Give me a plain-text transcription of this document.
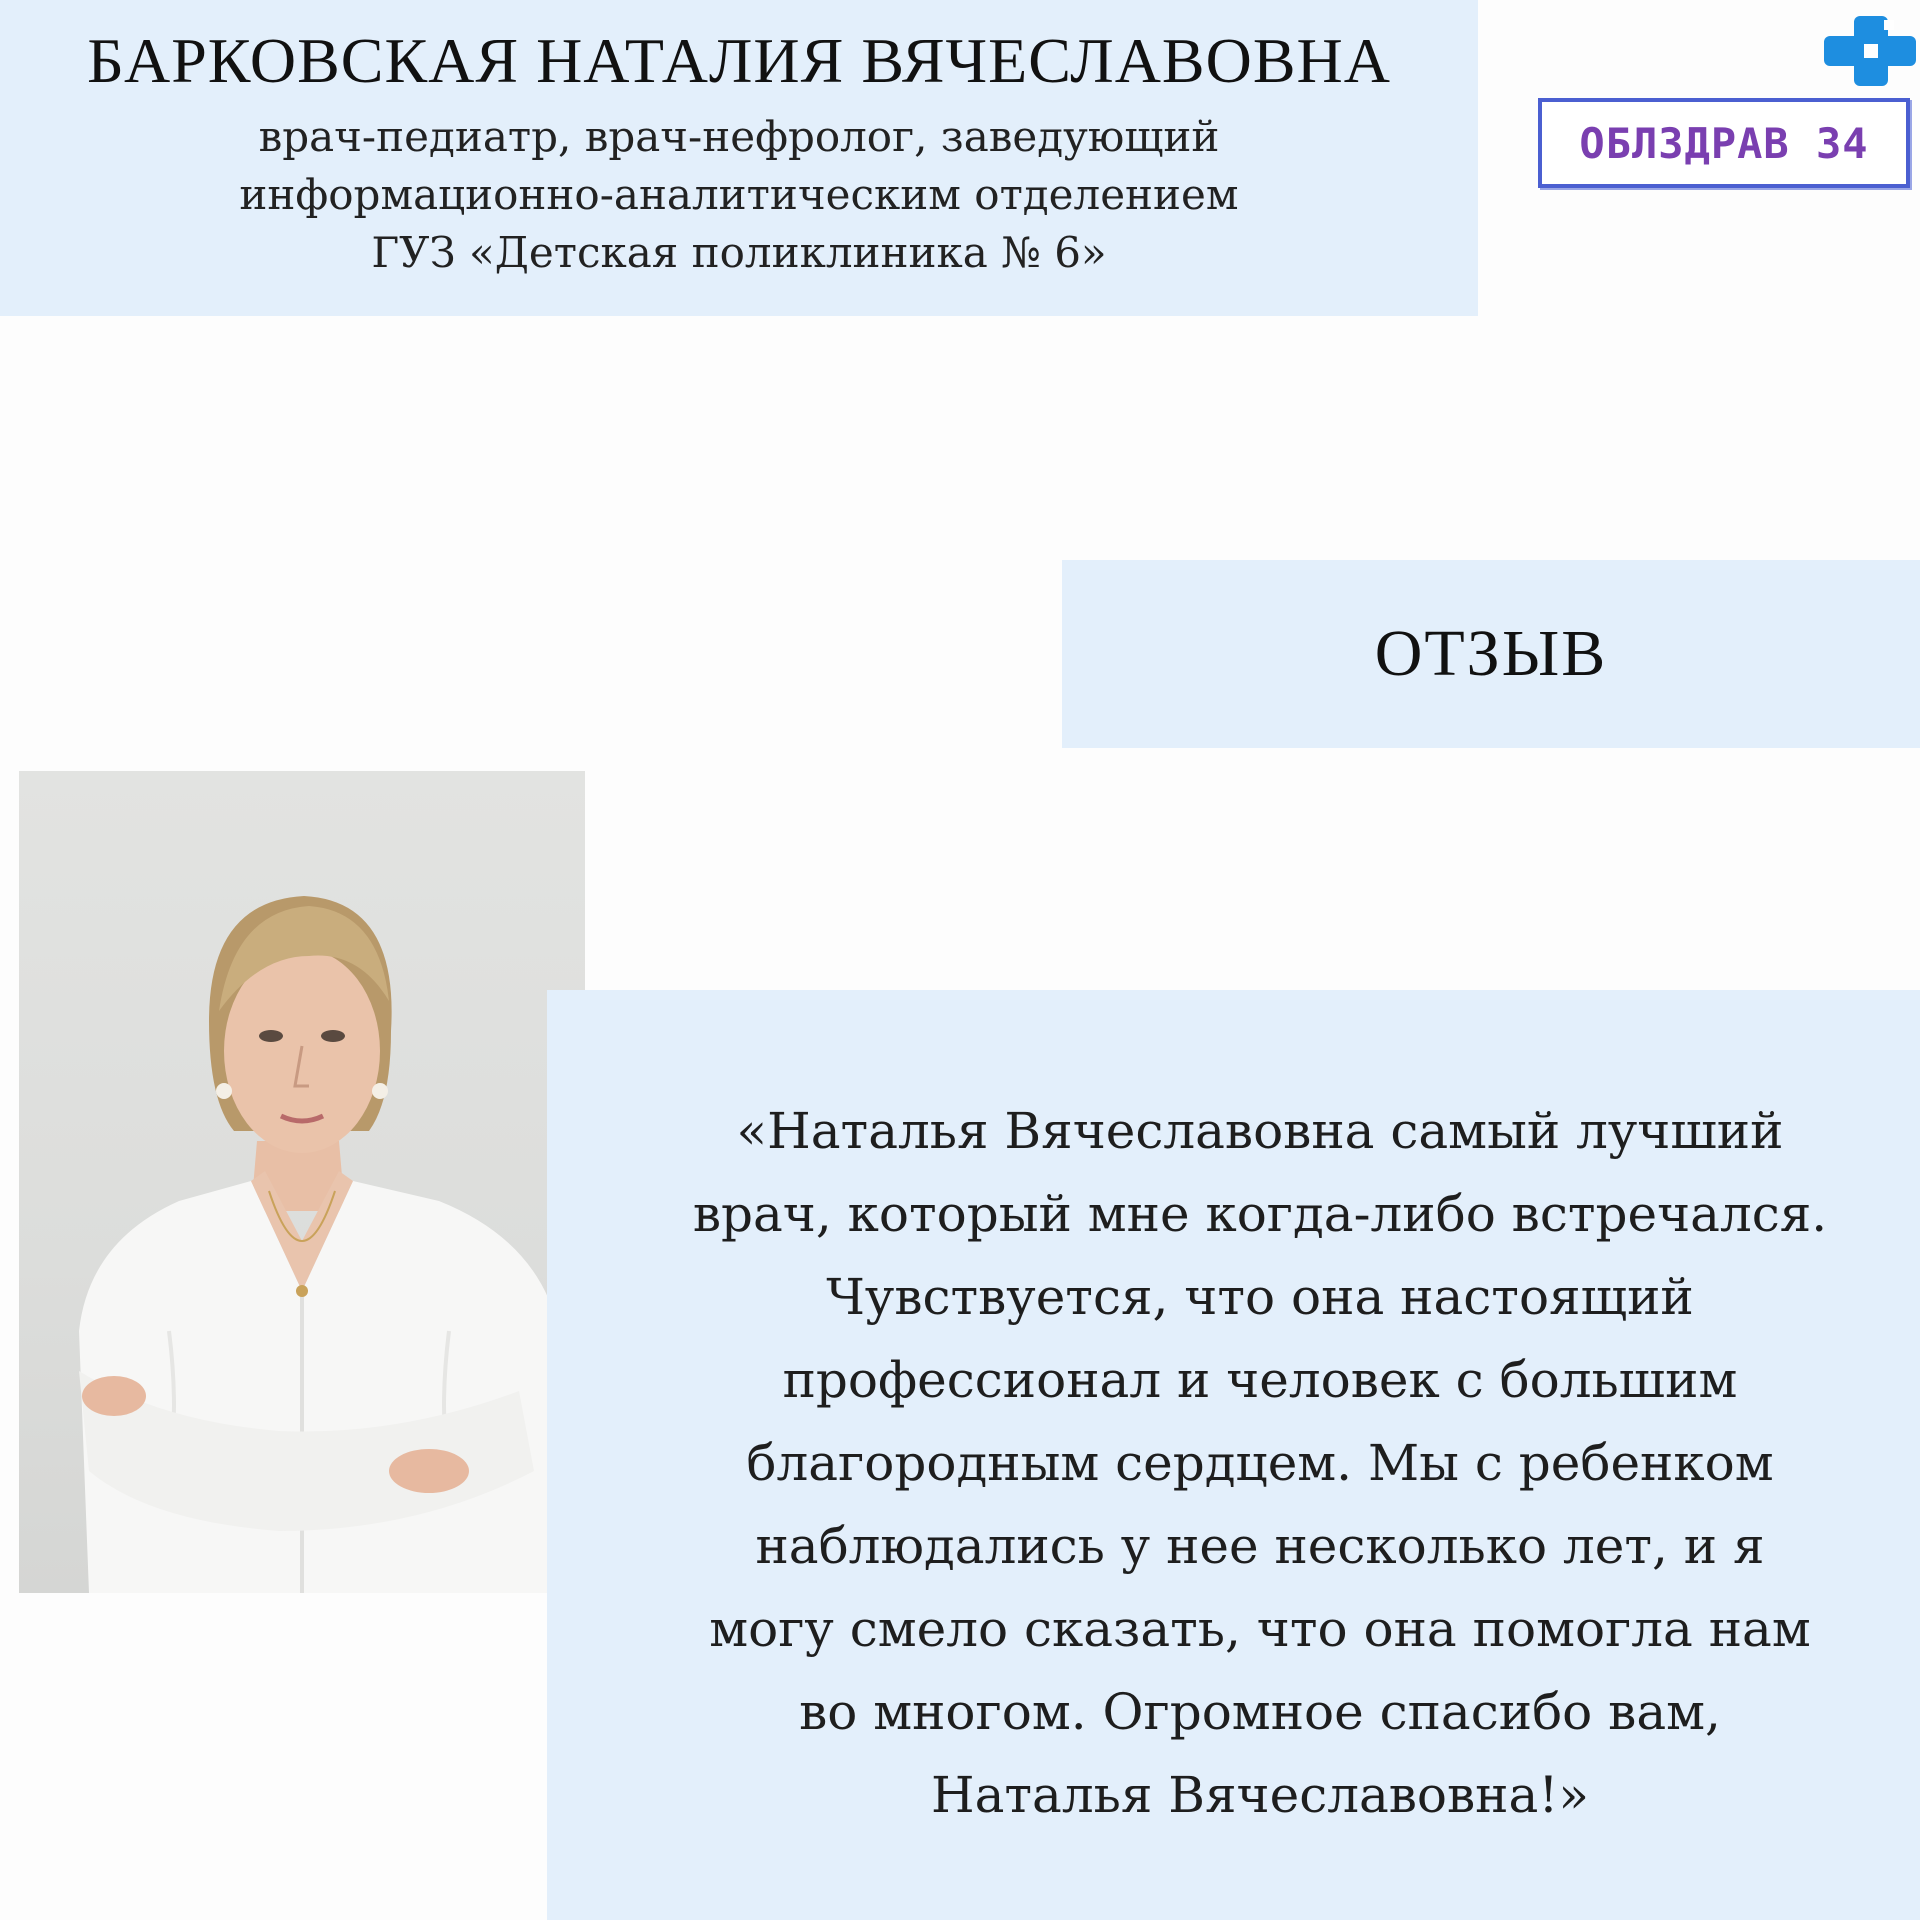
БАРКОВСКАЯ НАТАЛИЯ ВЯЧЕСЛАВОВНА
врач-педиатр, врач-нефролог, заведующий
информационно-аналитическим отделением
ГУЗ «Детская поликлиника № 6»
ОБЛЗДРАВ 34
ОТЗЫВ
«Наталья Вячеславовна самый лучший
врач, который мне когда-либо встречался.
Чувствуется, что она настоящий
профессионал и человек с большим
благородным сердцем. Мы с ребенком
наблюдались у нее несколько лет, и я
могу смело сказать, что она помогла нам
во многом. Огромное спасибо вам,
Наталья Вячеславовна!»
